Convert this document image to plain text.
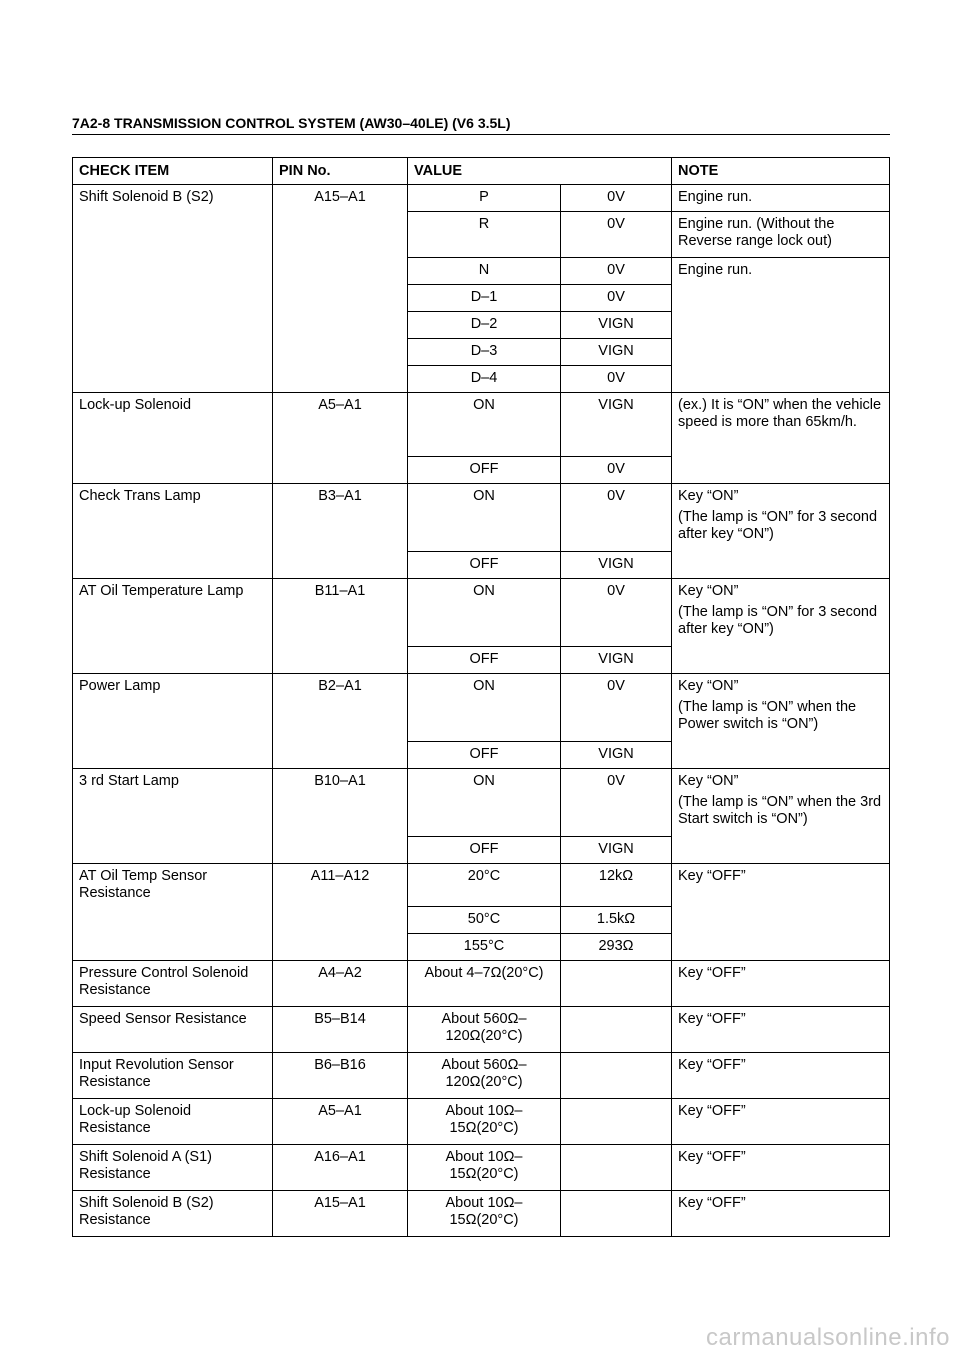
7A2-8 TRANSMISSION CONTROL SYSTEM (AW30–40LE) (V6 3.5L)
CHECK ITEM	PIN No.	VALUE		NOTE
Shift Solenoid B (S2)	A15–A1	P	0V	Engine run.
		R	0V	Engine run. (Without the Reverse range lock out)
		N	0V	Engine run.
		D–1	0V	
		D–2	VIGN	
		D–3	VIGN	
		D–4	0V	
Lock-up Solenoid	A5–A1	ON	VIGN	(ex.) It is “ON” when the vehicle speed is more than 65km/h.
		OFF	0V	
Check Trans Lamp	B3–A1	ON	0V	Key “ON”
(The lamp is “ON” for 3 second after key “ON”)

		OFF	VIGN	
AT Oil Temperature Lamp	B11–A1	ON	0V	Key “ON”
(The lamp is “ON” for 3 second after key “ON”)

		OFF	VIGN	
Power Lamp	B2–A1	ON	0V	Key “ON”
(The lamp is “ON” when the Power switch is “ON”)

		OFF	VIGN	
3 rd Start Lamp	B10–A1	ON	0V	Key “ON”
(The lamp is “ON” when the 3rd Start switch is “ON”)

		OFF	VIGN	
AT Oil Temp Sensor Resistance	A11–A12	20°C	12kΩ	Key “OFF”
		50°C	1.5kΩ	
		155°C	293Ω	
Pressure Control Solenoid Resistance	A4–A2	About 4–7Ω(20°C)		Key “OFF”
Speed Sensor Resistance	B5–B14	About 560Ω–120Ω(20°C)		Key “OFF”
Input Revolution Sensor Resistance	B6–B16	About 560Ω–120Ω(20°C)		Key “OFF”
Lock-up Solenoid Resistance	A5–A1	About 10Ω–15Ω(20°C)		Key “OFF”
Shift Solenoid A (S1) Resistance	A16–A1	About 10Ω–15Ω(20°C)		Key “OFF”
Shift Solenoid B (S2) Resistance	A15–A1	About 10Ω–15Ω(20°C)		Key “OFF”
carmanualsonline.info
